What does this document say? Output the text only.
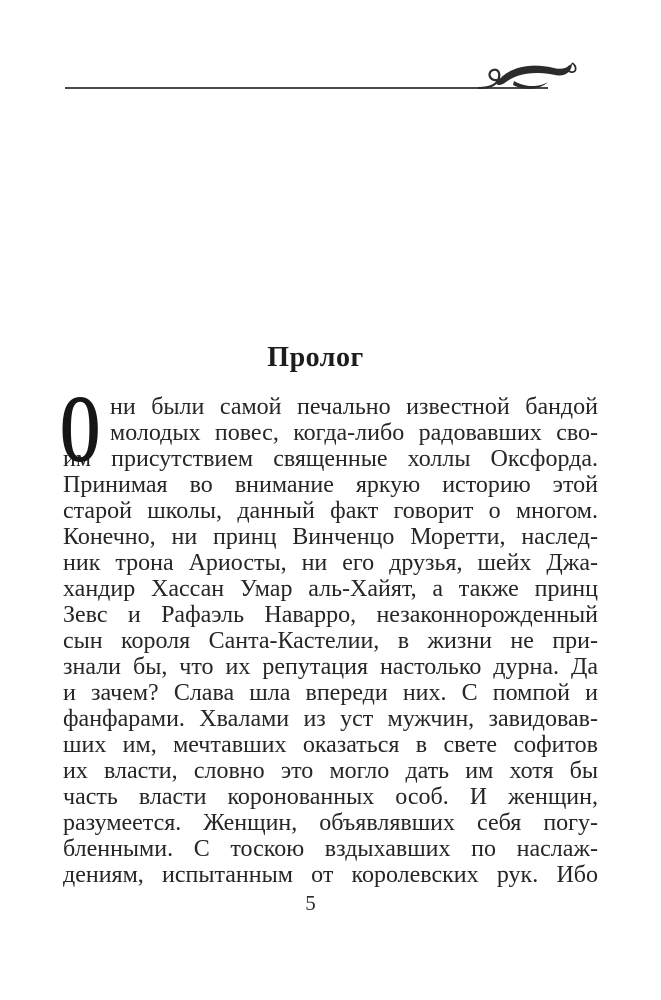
Пролог
О ни были самой печально известной бандой
молодых повес, когда-либо радовавших сво-
им присутствием священные холлы Оксфорда.
Принимая во внимание яркую историю этой
старой школы, данный факт говорит о многом.
Конечно, ни принц Винченцо Моретти, наслед-
ник трона Ариосты, ни его друзья, шейх Джа-
хандир Хассан Умар аль-Хайят, а также принц
Зевс и Рафаэль Наварро, незаконнорожденный
сын короля Санта-Кастелии, в жизни не при-
знали бы, что их репутация настолько дурна. Да
и зачем? Слава шла впереди них. С помпой и
фанфарами. Хвалами из уст мужчин, завидовав-
ших им, мечтавших оказаться в свете софитов
их власти, словно это могло дать им хотя бы
часть власти коронованных особ. И женщин,
разумеется. Женщин, объявлявших себя погу-
бленными. С тоскою вздыхавших по наслаж-
дениям, испытанным от королевских рук. Ибо
5
